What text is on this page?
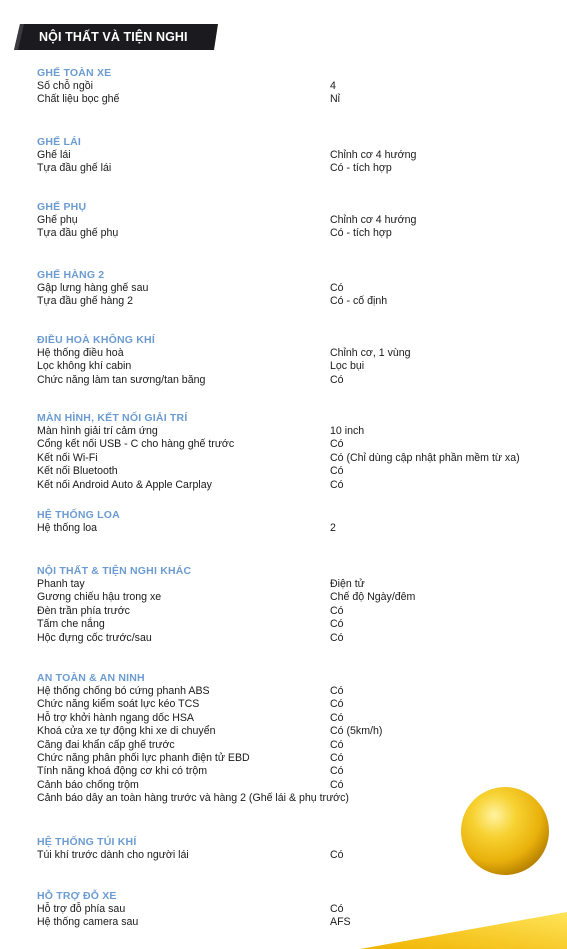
NỘI THẤT VÀ TIỆN NGHI
GHẾ TOÀN XE
Số chỗ ngồi	4
Chất liệu bọc ghế	Nỉ
GHẾ LÁI
Ghế lái	Chỉnh cơ 4 hướng
Tựa đầu ghế lái	Có - tích hợp
GHẾ PHỤ
Ghế phụ	Chỉnh cơ 4 hướng
Tựa đầu ghế phụ	Có - tích hợp
GHẾ HÀNG 2
Gập lưng hàng ghế sau	Có
Tựa đầu ghế hàng 2	Có - cố định
ĐIỀU HOÀ KHÔNG KHÍ
Hệ thống điều hoà	Chỉnh cơ, 1 vùng
Lọc không khí cabin	Lọc bụi
Chức năng làm tan sương/tan băng	Có
MÀN HÌNH, KẾT NỐI GIẢI TRÍ
Màn hình giải trí cảm ứng	10 inch
Cổng kết nối USB - C cho hàng ghế trước	Có
Kết nối Wi-Fi	Có (Chỉ dùng cập nhật phần mềm từ xa)
Kết nối Bluetooth	Có
Kết nối Android Auto & Apple Carplay	Có
HỆ THỐNG LOA
Hệ thống loa	2
NỘI THẤT & TIỆN NGHI KHÁC
Phanh tay	Điện tử
Gương chiếu hậu trong xe	Chế độ Ngày/đêm
Đèn trần phía trước	Có
Tấm che nắng	Có
Hộc đựng cốc trước/sau	Có
AN TOÀN & AN NINH
Hệ thống chống bó cứng phanh ABS	Có
Chức năng kiểm soát lực kéo TCS	Có
Hỗ trợ khởi hành ngang dốc HSA	Có
Khoá cửa xe tự động khi xe di chuyển	Có (5km/h)
Căng đai khẩn cấp ghế trước	Có
Chức năng phân phối lực phanh điện tử EBD	Có
Tính năng khoá động cơ khi có trộm	Có
Cảnh báo chống trộm	Có
Cảnh báo dây an toàn hàng trước và hàng 2 (Ghế lái & phụ trước)
HỆ THỐNG TÚI KHÍ
Túi khí trước dành cho người lái	Có
HỖ TRỢ ĐỖ XE
Hỗ trợ đỗ phía sau	Có
Hệ thống camera sau	AFS
